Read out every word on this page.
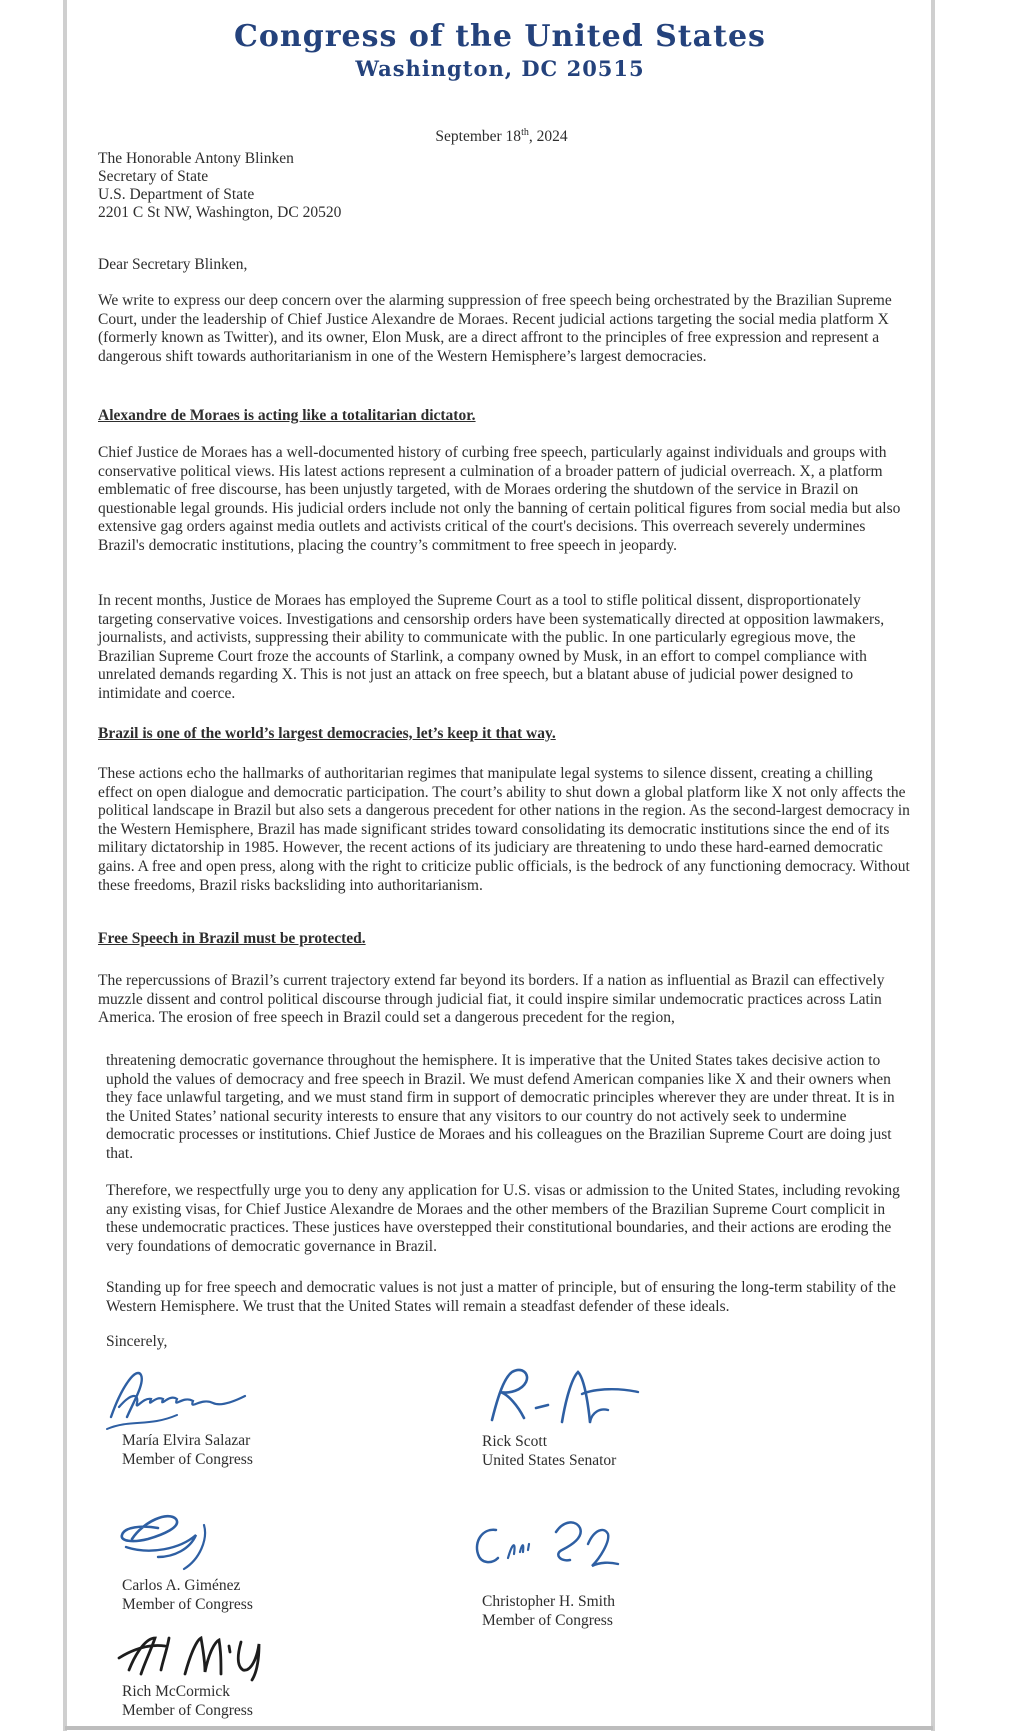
Congress of the United States
Washington, DC 20515
September 18th, 2024
The Honorable Antony Blinken
Secretary of State
U.S. Department of State
2201 C St NW, Washington, DC 20520
Dear Secretary Blinken,
We write to express our deep concern over the alarming suppression of free speech being orchestrated by the Brazilian Supreme Court, under the leadership of Chief Justice Alexandre de Moraes. Recent judicial actions targeting the social media platform X (formerly known as Twitter), and its owner, Elon Musk, are a direct affront to the principles of free expression and represent a dangerous shift towards authoritarianism in one of the Western Hemisphere’s largest democracies.
Alexandre de Moraes is acting like a totalitarian dictator.
Chief Justice de Moraes has a well-documented history of curbing free speech, particularly against individuals and groups with conservative political views. His latest actions represent a culmination of a broader pattern of judicial overreach. X, a platform emblematic of free discourse, has been unjustly targeted, with de Moraes ordering the shutdown of the service in Brazil on questionable legal grounds. His judicial orders include not only the banning of certain political figures from social media but also extensive gag orders against media outlets and activists critical of the court's decisions. This overreach severely undermines Brazil's democratic institutions, placing the country’s commitment to free speech in jeopardy.
In recent months, Justice de Moraes has employed the Supreme Court as a tool to stifle political dissent, disproportionately targeting conservative voices. Investigations and censorship orders have been systematically directed at opposition lawmakers, journalists, and activists, suppressing their ability to communicate with the public. In one particularly egregious move, the Brazilian Supreme Court froze the accounts of Starlink, a company owned by Musk, in an effort to compel compliance with unrelated demands regarding X. This is not just an attack on free speech, but a blatant abuse of judicial power designed to intimidate and coerce.
Brazil is one of the world’s largest democracies, let’s keep it that way.
These actions echo the hallmarks of authoritarian regimes that manipulate legal systems to silence dissent, creating a chilling effect on open dialogue and democratic participation. The court’s ability to shut down a global platform like X not only affects the political landscape in Brazil but also sets a dangerous precedent for other nations in the region. As the second-largest democracy in the Western Hemisphere, Brazil has made significant strides toward consolidating its democratic institutions since the end of its military dictatorship in 1985. However, the recent actions of its judiciary are threatening to undo these hard-earned democratic gains. A free and open press, along with the right to criticize public officials, is the bedrock of any functioning democracy. Without these freedoms, Brazil risks backsliding into authoritarianism.
Free Speech in Brazil must be protected.
The repercussions of Brazil’s current trajectory extend far beyond its borders. If a nation as influential as Brazil can effectively muzzle dissent and control political discourse through judicial fiat, it could inspire similar undemocratic practices across Latin America. The erosion of free speech in Brazil could set a dangerous precedent for the region,
threatening democratic governance throughout the hemisphere. It is imperative that the United States takes decisive action to uphold the values of democracy and free speech in Brazil. We must defend American companies like X and their owners when they face unlawful targeting, and we must stand firm in support of democratic principles wherever they are under threat. It is in the United States’ national security interests to ensure that any visitors to our country do not actively seek to undermine democratic processes or institutions. Chief Justice de Moraes and his colleagues on the Brazilian Supreme Court are doing just that.
Therefore, we respectfully urge you to deny any application for U.S. visas or admission to the United States, including revoking any existing visas, for Chief Justice Alexandre de Moraes and the other members of the Brazilian Supreme Court complicit in these undemocratic practices. These justices have overstepped their constitutional boundaries, and their actions are eroding the very foundations of democratic governance in Brazil.
Standing up for free speech and democratic values is not just a matter of principle, but of ensuring the long-term stability of the Western Hemisphere. We trust that the United States will remain a steadfast defender of these ideals.
Sincerely,
María Elvira Salazar
Member of Congress
Rick Scott
United States Senator
Carlos A. Giménez
Member of Congress	Christopher H. Smith
Member of Congress
Rich McCormick
Member of Congress
